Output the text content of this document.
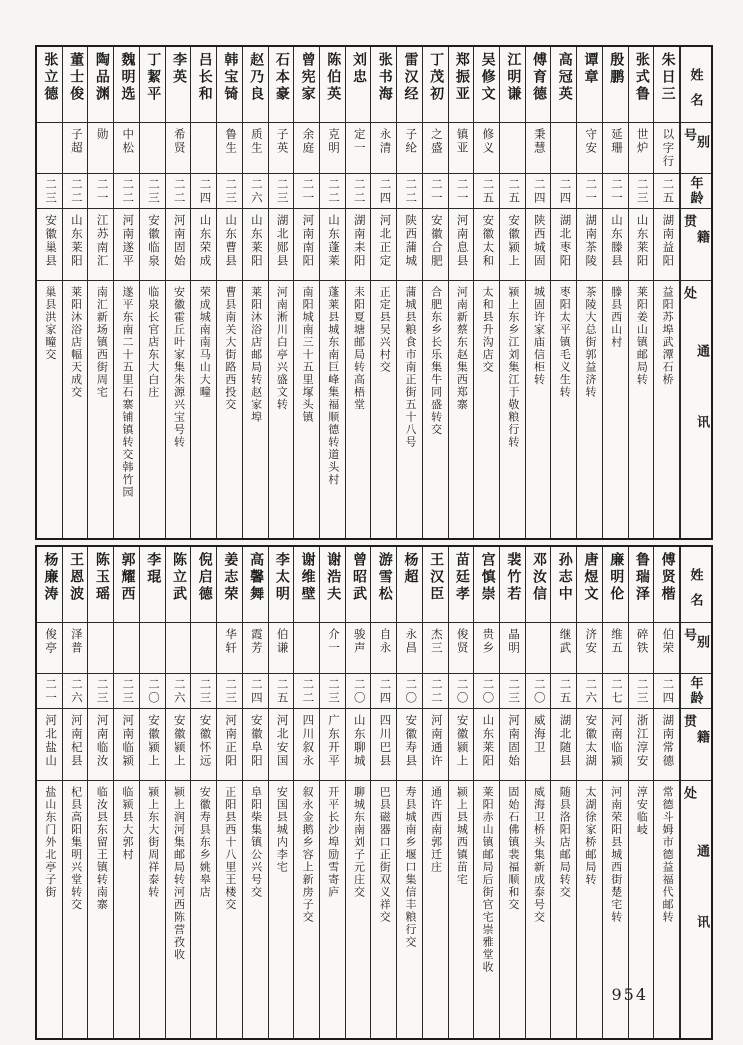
姓名
别号
年龄
籍贯
通讯处
朱日三
以字行
二五
湖南益阳
益阳苏埠武潭石桥
张式鲁
世炉
二三
山东莱阳
莱阳姜山镇邮局转
殷鹏
延珊
二一
山东滕县
滕县西山村
谭章
守安
二一
湖南茶陵
茶陵大总街郭益济转
高冠英
二四
湖北枣阳
枣阳太平镇毛义生转
傅育德
秉慧
二四
陕西城固
城固许家庙信柜转
江明谦
二五
安徽颍上
颍上东乡江刘集江于敬粮行转
吴修文
修义
二五
安徽太和
太和县升沟店交
郑振亚
镇亚
二一
河南息县
河南新蔡东赵集西郑寨
丁茂初
之盛
二一
安徽合肥
合肥东乡长乐集牛同盛转交
雷汉经
子纶
二二
陕西蒲城
蒲城县粮食市南正街五十八号
张书海
永清
二四
河北正定
正定县吴兴村交
刘忠
定一
二二
湖南耒阳
耒阳夏塘邮局转高梧堂
陈伯英
克明
二二
山东蓬莱
蓬莱县城东南巨峰集福顺德转道头村
曾宪家
余庭
二一
河南南阳
南阳城南三十五里塚头镇
石本豪
子英
二三
湖北郧县
河南淅川白亭兴盛文转
赵乃良
质生
二六
山东莱阳
莱阳沐浴店邮局转赵家埠
韩宝锜
鲁生
二三
山东曹县
曹县南关大街路西投交
吕长和
二四
山东荣成
荣成城南南马山大疃
李英
希贤
二二
河南固始
安徽霍丘叶家集朱源兴宝号转
丁絜平
二三
安徽临泉
临泉长官店东大白庄
魏明选
中松
二二
河南遂平
遂平东南二十五里石寨铺镇转交韩竹园
陶品渊
勋
二一
江苏南汇
南汇新场镇西街周宅
董士俊
子超
二二
山东莱阳
莱阳沐浴店幅天成交
张立德
二三
安徽巢县
巢县洪家疃交
姓名
别号
年龄
籍贯
通讯处
傅贤楷
伯荣
二四
湖南常德
常德斗姆市德益福代邮转
鲁瑞泽
碎铁
二三
浙江淳安
淳安临岐
廉明伦
维五
二七
河南临颍
河南荣阳县城西街楚宅转
唐煜文
济安
二六
安徽太湖
太湖徐家桥邮局转
孙志中
继武
二五
湖北随县
随县洛阳店邮局转交
邓汝信
二〇
威海卫
威海卫桥头集新成泰号交
裴竹若
晶明
二三
河南固始
固始石佛镇裴福顺和交
宫慎崇
贵乡
二〇
山东莱阳
莱阳赤山镇邮局后街官宅崇雅堂收
苗廷孝
俊贤
二〇
安徽颍上
颍上县城西镇苗宅
王汉臣
杰三
二二
河南通许
通许西南郭迁庄
杨超
永昌
二〇
安徽寿县
寿县城南乡堰口集信丰粮行交
游雪松
自永
二四
四川巴县
巴县磁器口正街双义祥交
曾昭武
骏声
二〇
山东聊城
聊城东南刘子元庄交
谢浩夫
介一
二三
广东开平
开平长沙埠励雪寄庐
谢维壁
二二
四川叙永
叙永金鹅乡容上新房子交
李太明
伯谦
二五
河北安国
安国县城内李宅
高馨舞
霞芳
二四
安徽阜阳
阜阳柴集镇公兴号交
姜志荣
华轩
二三
河南正阳
正阳县西十八里王楼交
倪启德
二三
安徽怀远
安徽寿县东乡姚皋店
陈立武
二六
安徽颍上
颍上润河集邮局转河西陈营孜收
李琨
二〇
安徽颍上
颍上东大街周祥泰转
郭耀西
二三
河南临颍
临颍县大郭村
陈玉瑶
二三
河南临汝
临汝县东留王镇转南寨
王恩波
泽普
二六
河南杞县
杞县高阳集明兴堂转交
杨廉涛
俊亭
二一
河北盐山
盐山东门外北亭子街
954
